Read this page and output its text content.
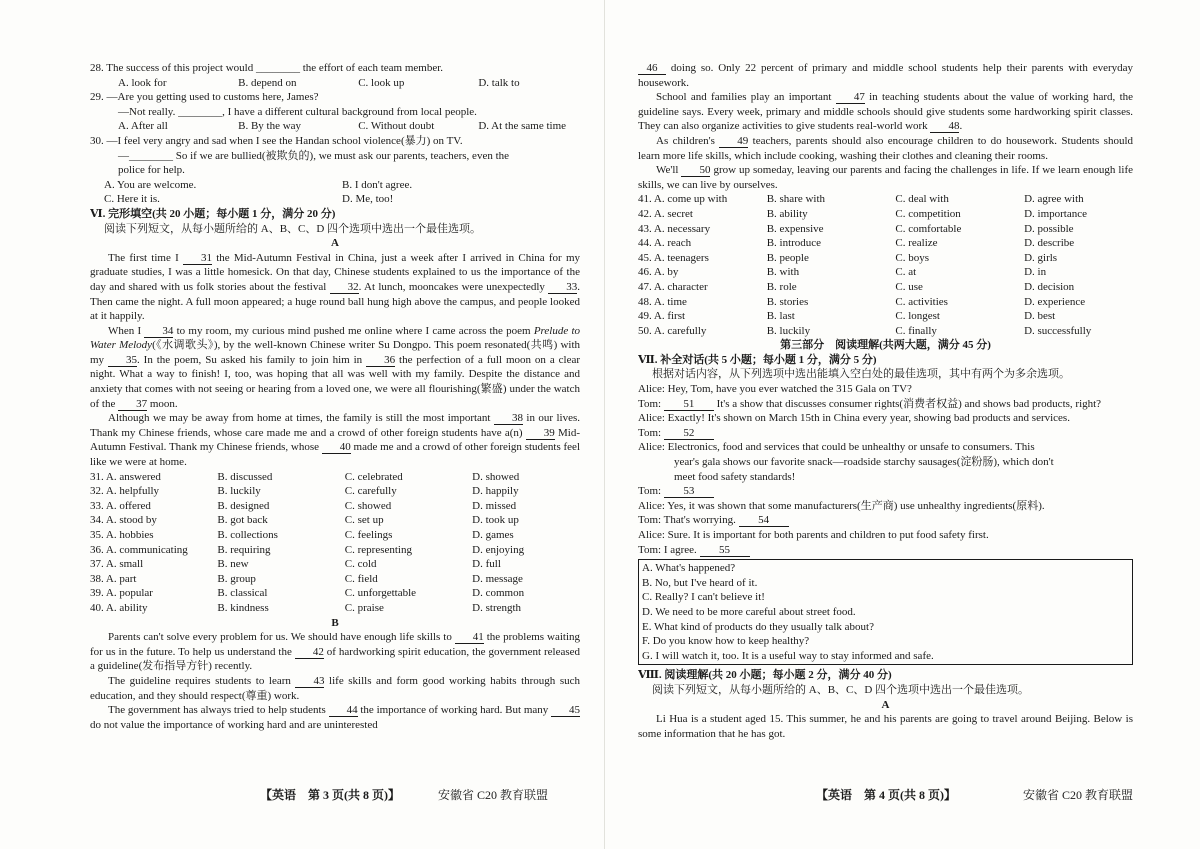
28. The success of this project would ________ the effort of each team member.
A. look for	B. depend on	C. look up	D. talk to
29. —Are you getting used to customs here, James?
—Not really. ________, I have a different cultural background from local people.
A. After all	B. By the way	C. Without doubt	D. At the same time
30. —I feel very angry and sad when I see the Handan school violence(暴力) on TV.
—________ So if we are bullied(被欺负的), we must ask our parents, teachers, even the
police for help.
A. You are welcome.	B. I don't agree.
C. Here it is.	D. Me, too!
Ⅵ. 完形填空(共 20 小题；每小题 1 分，满分 20 分)
阅读下列短文，从每小题所给的 A、B、C、D 四个选项中选出一个最佳选项。
A

The first time I 31 the Mid-Autumn Festival in China, just a week after I arrived in China for my graduate studies, I was a little homesick. On that day, Chinese students explained to us the importance of the day and shared with us folk stories about the festival 32. At lunch, mooncakes were unexpectedly 33. Then came the night. A full moon appeared; a huge round ball hung high above the campus, and people looked at it happily.

When I 34 to my room, my curious mind pushed me online where I came across the poem Prelude to Water Melody(《水调歌头》), by the well-known Chinese writer Su Dongpo. This poem resonated(共鸣) with my 35. In the poem, Su asked his family to join him in 36 the perfection of a full moon on a clear night. What a way to finish! I, too, was hoping that all was well with my family. Despite the distance and anxiety that comes with not seeing or hearing from a loved one, we were all flourishing(繁盛) under the watch of the 37 moon.

Although we may be away from home at times, the family is still the most important 38 in our lives. Thank my Chinese friends, whose care made me and a crowd of other foreign students have a(n) 39 Mid-Autumn Festival. Thank my Chinese friends, whose 40 made me and a crowd of other foreign students feel like we were at home.

31. A. answered	B. discussed	C. celebrated	D. showed
32. A. helpfully	B. luckily	C. carefully	D. happily
33. A. offered	B. designed	C. showed	D. missed
34. A. stood by	B. got back	C. set up	D. took up
35. A. hobbies	B. collections	C. feelings	D. games
36. A. communicating	B. requiring	C. representing	D. enjoying
37. A. small	B. new	C. cold	D. full
38. A. part	B. group	C. field	D. message
39. A. popular	B. classical	C. unforgettable	D. common
40. A. ability	B. kindness	C. praise	D. strength
B

Parents can't solve every problem for us. We should have enough life skills to 41 the problems waiting for us in the future. To help us understand the 42 of hardworking spirit education, the government released a guideline(发布指导方针) recently.

The guideline requires students to learn 43 life skills and form good working habits through such education, and they should respect(尊重) work.

The government has always tried to help students 44 the importance of working hard. But many 45 do not value the importance of working hard and are uninterested

46 doing so. Only 22 percent of primary and middle school students help their parents with everyday housework.

School and families play an important 47 in teaching students about the value of working hard, the guideline says. Every week, primary and middle schools should give students some hardworking spirit classes. They can also organize activities to give students real-world work 48.

As children's 49 teachers, parents should also encourage children to do housework. Students should learn more life skills, which include cooking, washing their clothes and cleaning their rooms.

We'll 50 grow up someday, leaving our parents and facing the challenges in life. If we learn enough life skills, we can live by ourselves.

41. A. come up with	B. share with	C. deal with	D. agree with
42. A. secret	B. ability	C. competition	D. importance
43. A. necessary	B. expensive	C. comfortable	D. possible
44. A. reach	B. introduce	C. realize	D. describe
45. A. teenagers	B. people	C. boys	D. girls
46. A. by	B. with	C. at	D. in
47. A. character	B. role	C. use	D. decision
48. A. time	B. stories	C. activities	D. experience
49. A. first	B. last	C. longest	D. best
50. A. carefully	B. luckily	C. finally	D. successfully
第三部分　阅读理解(共两大题，满分 45 分)
Ⅶ. 补全对话(共 5 小题；每小题 1 分，满分 5 分)
根据对话内容，从下列选项中选出能填入空白处的最佳选项，其中有两个为多余选项。
Alice: Hey, Tom, have you ever watched the 315 Gala on TV?
Tom: 51 It's a show that discusses consumer rights(消费者权益) and shows bad products, right?
Alice: Exactly! It's shown on March 15th in China every year, showing bad products and services.
Tom: 52
Alice: Electronics, food and services that could be unhealthy or unsafe to consumers. This
year's gala shows our favorite snack—roadside starchy sausages(淀粉肠), which don't
meet food safety standards!
Tom: 53
Alice: Yes, it was shown that some manufacturers(生产商) use unhealthy ingredients(原料).
Tom: That's worrying. 54
Alice: Sure. It is important for both parents and children to put food safety first.
Tom: I agree. 55
A. What's happened?
B. No, but I've heard of it.
C. Really? I can't believe it!
D. We need to be more careful about street food.
E. What kind of products do they usually talk about?
F. Do you know how to keep healthy?
G. I will watch it, too. It is a useful way to stay informed and safe.
Ⅷ. 阅读理解(共 20 小题；每小题 2 分，满分 40 分)
阅读下列短文，从每小题所给的 A、B、C、D 四个选项中选出一个最佳选项。
A

Li Hua is a student aged 15. This summer, he and his parents are going to travel around Beijing. Below is some information that he has got.

【英语　第 3 页(共 8 页)】	安徽省 C20 教育联盟	【英语　第 4 页(共 8 页)】	安徽省 C20 教育联盟
